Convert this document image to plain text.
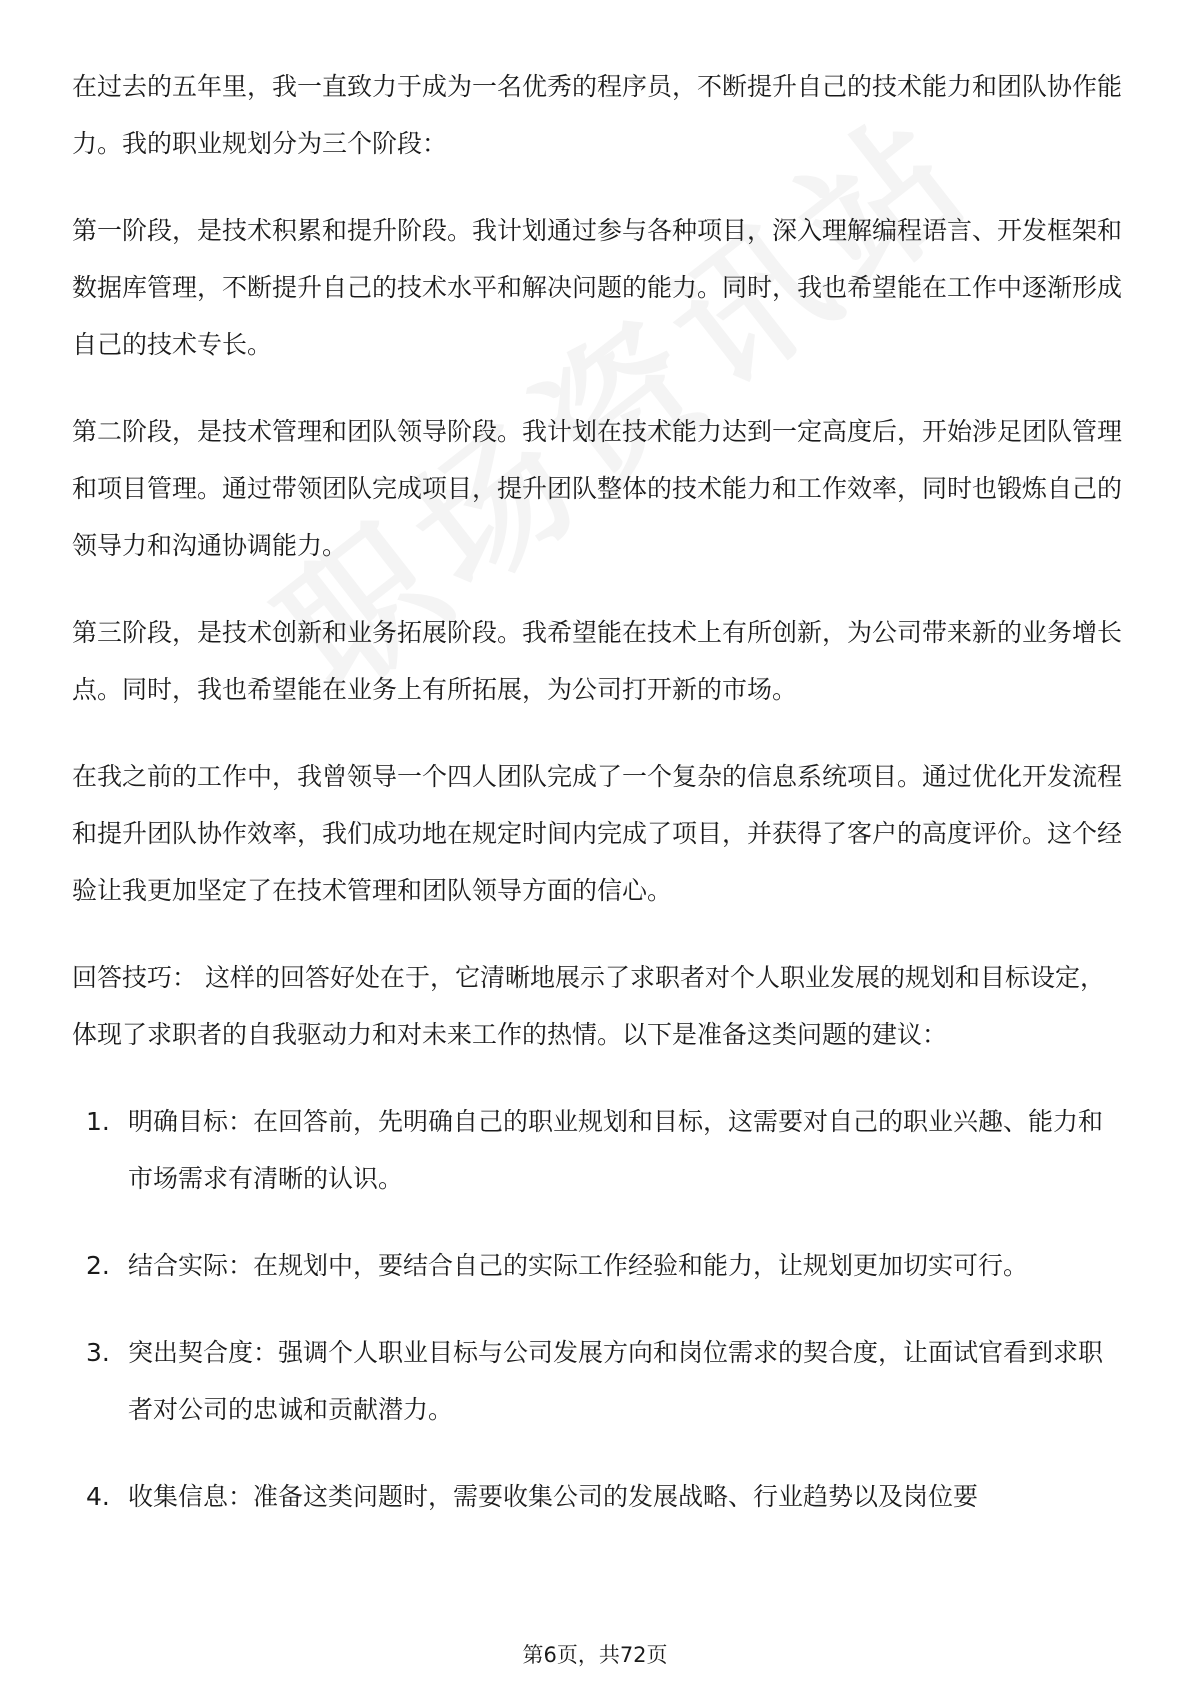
在过去的五年里，我一直致力于成为一名优秀的程序员，不断提升自己的技术能力和团队协作能力。我的职业规划分为三个阶段：

第一阶段，是技术积累和提升阶段。我计划通过参与各种项目，深入理解编程语言、开发框架和数据库管理，不断提升自己的技术水平和解决问题的能力。同时，我也希望能在工作中逐渐形成自己的技术专长。

第二阶段，是技术管理和团队领导阶段。我计划在技术能力达到一定高度后，开始涉足团队管理和项目管理。通过带领团队完成项目，提升团队整体的技术能力和工作效率，同时也锻炼自己的领导力和沟通协调能力。

第三阶段，是技术创新和业务拓展阶段。我希望能在技术上有所创新，为公司带来新的业务增长点。同时，我也希望能在业务上有所拓展，为公司打开新的市场。

在我之前的工作中，我曾领导一个四人团队完成了一个复杂的信息系统项目。通过优化开发流程和提升团队协作效率，我们成功地在规定时间内完成了项目，并获得了客户的高度评价。这个经验让我更加坚定了在技术管理和团队领导方面的信心。

回答技巧： 这样的回答好处在于，它清晰地展示了求职者对个人职业发展的规划和目标设定，体现了求职者的自我驱动力和对未来工作的热情。以下是准备这类问题的建议：

1. 明确目标：在回答前，先明确自己的职业规划和目标，这需要对自己的职业兴趣、能力和市场需求有清晰的认识。
2. 结合实际：在规划中，要结合自己的实际工作经验和能力，让规划更加切实可行。
3. 突出契合度：强调个人职业目标与公司发展方向和岗位需求的契合度，让面试官看到求职者对公司的忠诚和贡献潜力。
4. 收集信息：准备这类问题时，需要收集公司的发展战略、行业趋势以及岗位要
第6页，共72页
